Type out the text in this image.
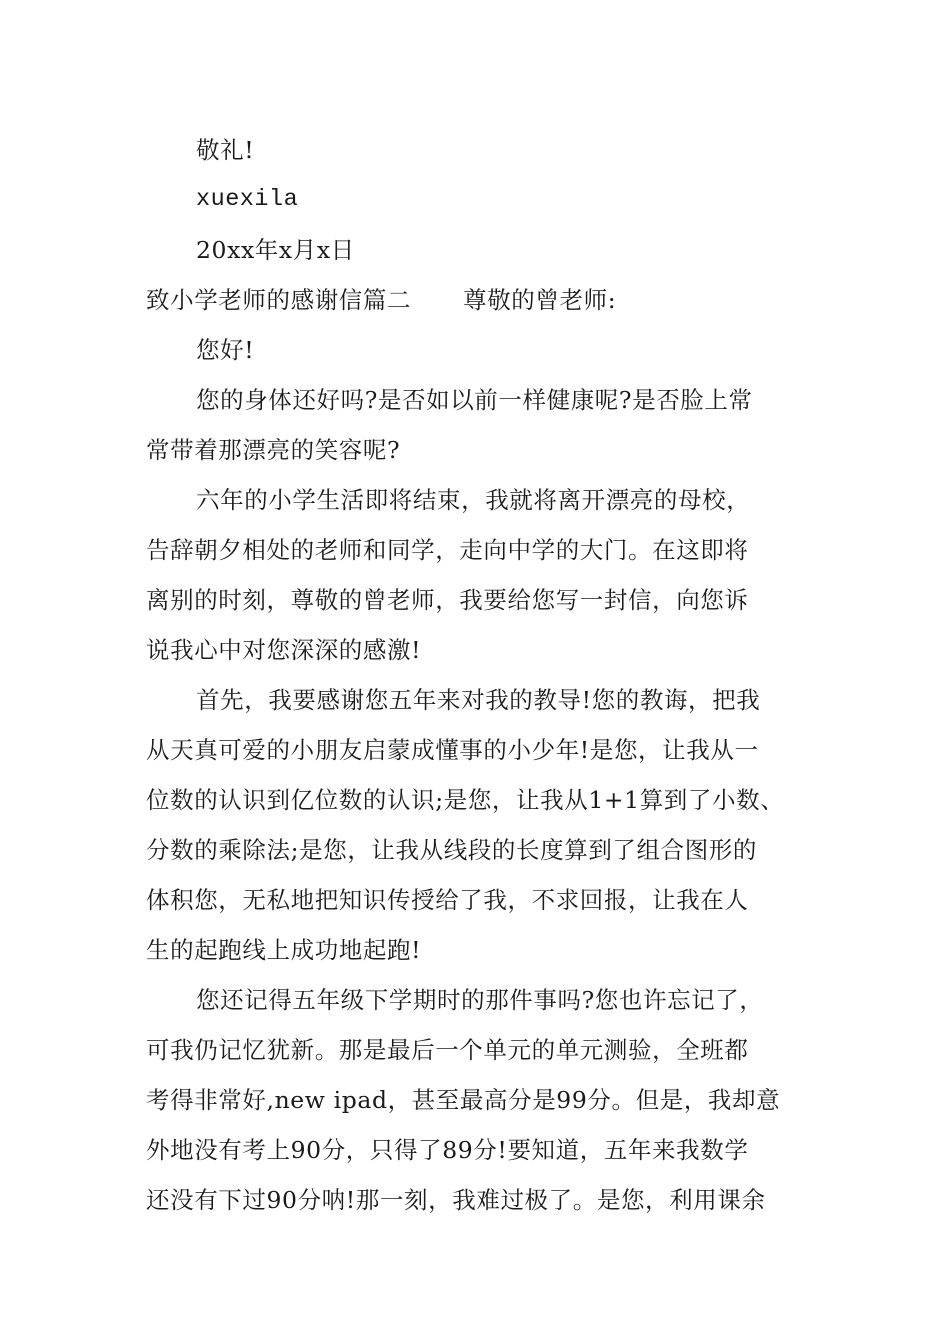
敬礼!
xuexila
20xx年x月x日
致小学老师的感谢信篇二 尊敬的曾老师:
您好!
您的身体还好吗?是否如以前一样健康呢?是否脸上常
常带着那漂亮的笑容呢?
六年的小学生活即将结束，我就将离开漂亮的母校，
告辞朝夕相处的老师和同学，走向中学的大门。在这即将
离别的时刻，尊敬的曾老师，我要给您写一封信，向您诉
说我心中对您深深的感激!
首先，我要感谢您五年来对我的教导!您的教诲，把我
从天真可爱的小朋友启蒙成懂事的小少年!是您，让我从一
位数的认识到亿位数的认识;是您，让我从1+1算到了小数、
分数的乘除法;是您，让我从线段的长度算到了组合图形的
体积您，无私地把知识传授给了我，不求回报，让我在人
生的起跑线上成功地起跑!
您还记得五年级下学期时的那件事吗?您也许忘记了，
可我仍记忆犹新。那是最后一个单元的单元测验，全班都
考得非常好,new ipad，甚至最高分是99分。但是，我却意
外地没有考上90分，只得了89分!要知道，五年来我数学
还没有下过90分呐!那一刻，我难过极了。是您，利用课余
